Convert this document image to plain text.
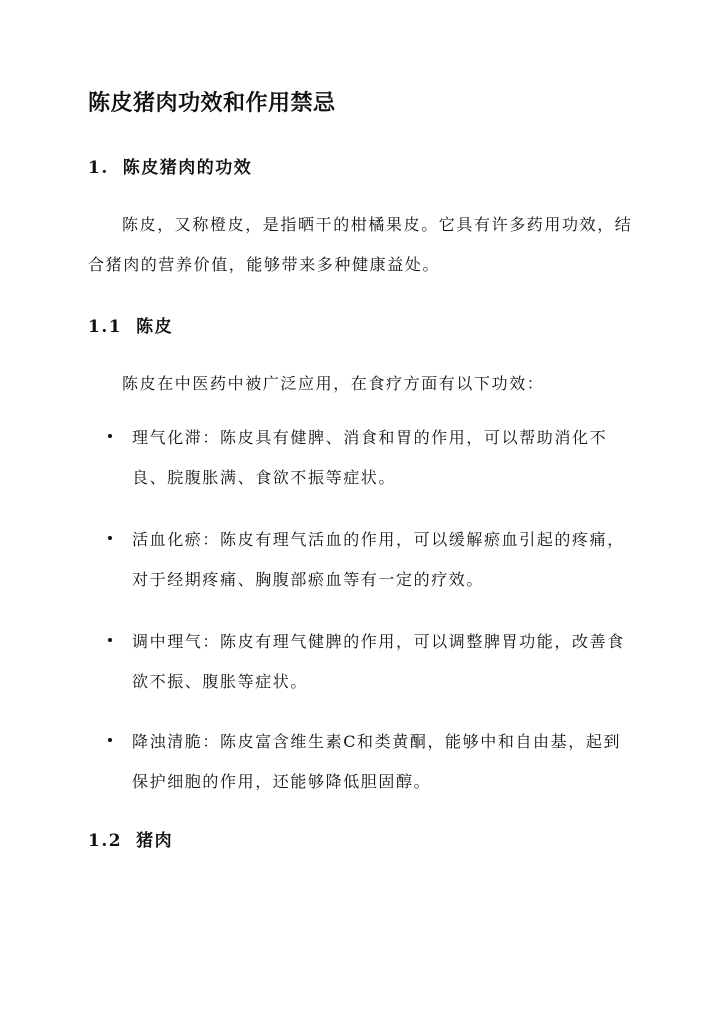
陈皮猪肉功效和作用禁忌
1. 陈皮猪肉的功效

陈皮，又称橙皮，是指晒干的柑橘果皮。它具有许多药用功效，结合猪肉的营养价值，能够带来多种健康益处。

1.1 陈皮

陈皮在中医药中被广泛应用，在食疗方面有以下功效：

理气化滞：陈皮具有健脾、消食和胃的作用，可以帮助消化不良、脘腹胀满、食欲不振等症状。

活血化瘀：陈皮有理气活血的作用，可以缓解瘀血引起的疼痛，对于经期疼痛、胸腹部瘀血等有一定的疗效。

调中理气：陈皮有理气健脾的作用，可以调整脾胃功能，改善食欲不振、腹胀等症状。

降浊清脆：陈皮富含维生素C和类黄酮，能够中和自由基，起到保护细胞的作用，还能够降低胆固醇。

1.2 猪肉
